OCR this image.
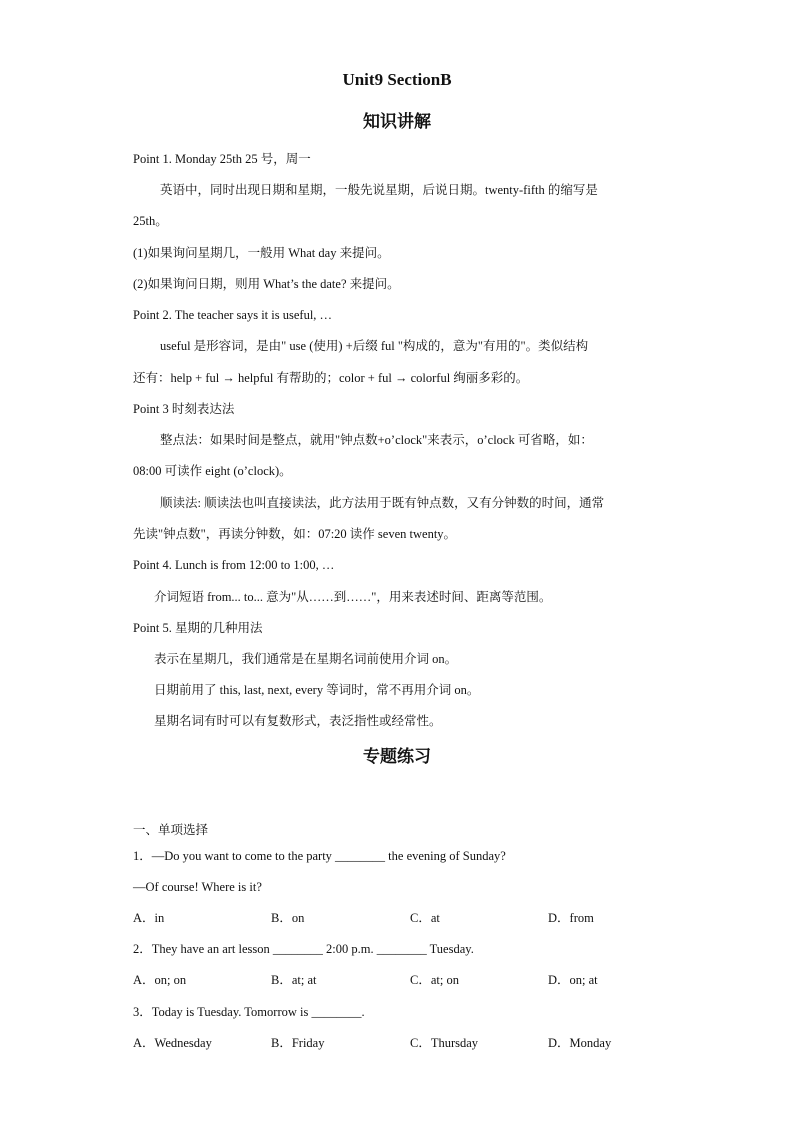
Unit9 SectionB
知识讲解
Point 1. Monday 25th 25 号，周一
英语中，同时出现日期和星期，一般先说星期，后说日期。twenty-fifth 的缩写是
25th。
(1)如果询问星期几，一般用 What day 来提问。
(2)如果询问日期，则用 What’s the date? 来提问。
Point 2. The teacher says it is useful, …
useful 是形容词，是由" use (使用) +后缀 ful "构成的，意为"有用的"。类似结构
还有：help + ful → helpful 有帮助的；color + ful → colorful 绚丽多彩的。
Point 3 时刻表达法
整点法：如果时间是整点，就用"钟点数+o’clock"来表示，o’clock 可省略，如：
08:00 可读作 eight (o’clock)。
顺读法: 顺读法也叫直接读法，此方法用于既有钟点数，又有分钟数的时间，通常
先读"钟点数"，再读分钟数，如：07:20 读作 seven twenty。
Point 4. Lunch is from 12:00 to 1:00, …
介词短语 from... to... 意为"从……到……"，用来表述时间、距离等范围。
Point 5. 星期的几种用法
表示在星期几，我们通常是在星期名词前使用介词 on。
日期前用了 this, last, next, every 等词时，常不再用介词 on。
星期名词有时可以有复数形式，表泛指性或经常性。
专题练习
一、单项选择
1．—Do you want to come to the party ________ the evening of Sunday?
—Of course! Where is it?
A．in	B．on	C．at	D．from
2．They have an art lesson ________ 2:00 p.m. ________ Tuesday.
A．on; on	B．at; at	C．at; on	D．on; at
3．Today is Tuesday. Tomorrow is ________.
A．Wednesday	B．Friday	C．Thursday	D．Monday
